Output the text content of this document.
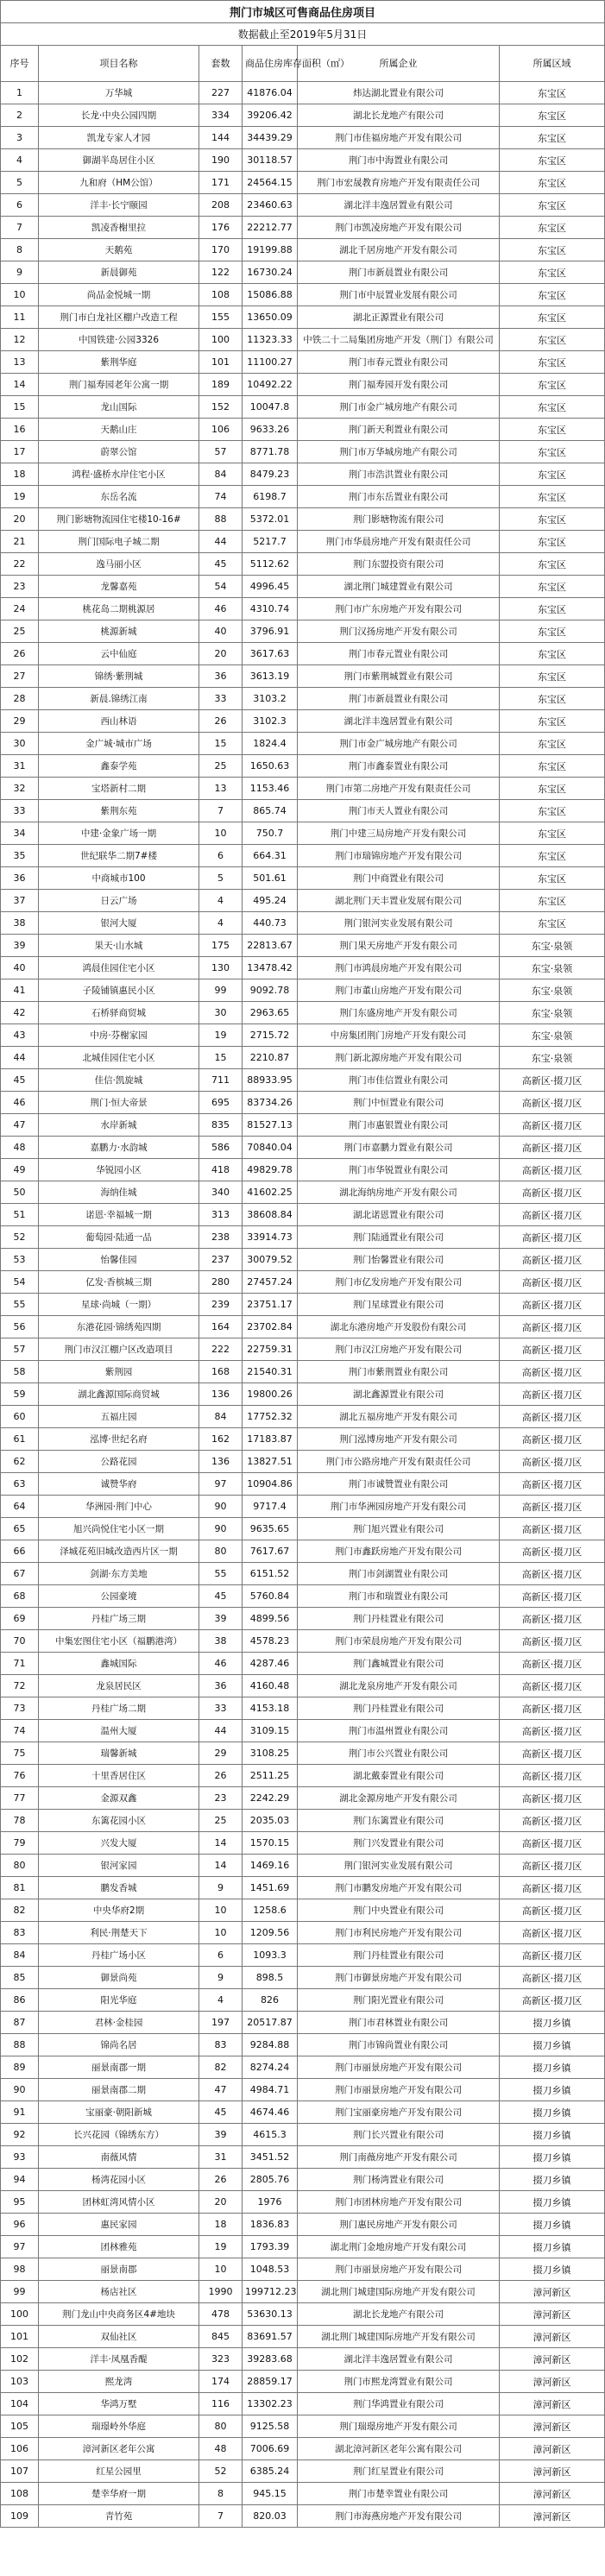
荆门市城区可售商品住房项目					
数据截止至2019年5月31日					
序号	项目名称	套数	商品住房库存面积（㎡）	所属企业	所属区域
1	万华城	227	41876.04	炜达湖北置业有限公司	东宝区
2	长龙·中央公园四期	334	39206.42	湖北长龙地产有限公司	东宝区
3	凯龙专家人才园	144	34439.29	荆门市佳福房地产开发有限公司	东宝区
4	御湖半岛居住小区	190	30118.57	荆门市中海置业有限公司	东宝区
5	九和府（HM公馆）	171	24564.15	荆门市宏晟教育房地产开发有限责任公司	东宝区
6	洋丰·长宁颐园	208	23460.63	湖北洋丰逸居置业有限公司	东宝区
7	凯凌香榭里拉	176	22212.77	荆门市凯凌房地产开发有限公司	东宝区
8	天鹅苑	170	19199.88	湖北千居房地产开发有限公司	东宝区
9	新晨御苑	122	16730.24	荆门市新晨置业有限公司	东宝区
10	尚品金悦城一期	108	15086.88	荆门市中辰置业发展有限公司	东宝区
11	荆门市白龙社区棚户改造工程	155	13650.09	湖北正源置业有限公司	东宝区
12	中国铁建·公园3326	100	11323.33	中铁二十二局集团房地产开发（荆门）有限公司	东宝区
13	紫荆华庭	101	11100.27	荆门市春元置业有限公司	东宝区
14	荆门福寿园老年公寓一期	189	10492.22	荆门福寿园开发有限公司	东宝区
15	龙山国际	152	10047.8	荆门市金广城房地产有限公司	东宝区
16	天鹅山庄	106	9633.26	荆门新天利置业有限公司	东宝区
17	蔚翠公馆	57	8771.78	荆门市万华城房地产有限公司	东宝区
18	鸿程·盛桥水岸住宅小区	84	8479.23	荆门市浩洪置业有限公司	东宝区
19	东岳名流	74	6198.7	荆门市东岳置业有限公司	东宝区
20	荆门影塘物流园住宅楼10-16#	88	5372.01	荆门影塘物流有限公司	东宝区
21	荆门国际电子城二期	44	5217.7	荆门市华晨房地产开发有限责任公司	东宝区
22	逸马丽小区	45	5112.62	荆门东盟投资有限公司	东宝区
23	龙馨嘉苑	54	4996.45	湖北荆门城建置业有限公司	东宝区
24	桃花岛二期桃源居	46	4310.74	荆门市广东房地产开发有限公司	东宝区
25	桃源新城	40	3796.91	荆门汉扬房地产开发有限公司	东宝区
26	云中仙庭	20	3617.63	荆门市春元置业有限公司	东宝区
27	锦绣·紫荆城	36	3613.19	荆门市紫荆城置业有限公司	东宝区
28	新晨.锦绣江南	33	3103.2	荆门市新晨置业有限公司	东宝区
29	西山林语	26	3102.3	湖北洋丰逸居置业有限公司	东宝区
30	金广城·城市广场	15	1824.4	荆门市金广城房地产有限公司	东宝区
31	鑫泰学苑	25	1650.63	荆门市鑫泰置业有限公司	东宝区
32	宝塔新村二期	13	1153.46	荆门市第二房地产开发有限责任公司	东宝区
33	紫荆东苑	7	865.74	荆门市天人置业有限公司	东宝区
34	中建·金象广场一期	10	750.7	荆门中建三局房地产开发有限公司	东宝区
35	世纪联华二期7#楼	6	664.31	荆门市瑞锦房地产开发有限公司	东宝区
36	中商城市100	5	501.61	荆门中商置业有限公司	东宝区
37	日云广场	4	495.24	湖北荆门天丰置业发展有限公司	东宝区
38	银河大厦	4	440.73	荆门银河实业发展有限公司	东宝区
39	果天·山水城	175	22813.67	荆门果天房地产开发有限公司	东宝·泉领
40	鸿晨佳园住宅小区	130	13478.42	荆门市鸿晨房地产开发有限公司	东宝·泉领
41	子陵铺镇惠民小区	99	9092.78	荆门市董山房地产开发有限公司	东宝·泉领
42	石桥驿商贸城	30	2963.65	荆门东盛房地产开发有限公司	东宝·泉领
43	中房·芬榭家园	19	2715.72	中房集团荆门房地产开发有限公司	东宝·泉领
44	北城佳园住宅小区	15	2210.87	荆门新北源房地产开发有限公司	东宝·泉领
45	佳信·凯旋城	711	88933.95	荆门市佳信置业有限公司	高新区·掇刀区
46	荆门·恒大帝景	695	83734.26	荆门中恒置业有限公司	高新区·掇刀区
47	水岸新城	835	81527.13	荆门市惠银置业有限公司	高新区·掇刀区
48	嘉鹏力·水韵城	586	70840.04	荆门市嘉鹏力置业有限公司	高新区·掇刀区
49	华锐园小区	418	49829.78	荆门市华锐置业有限公司	高新区·掇刀区
50	海纳佳城	340	41602.25	湖北海纳房地产开发有限公司	高新区·掇刀区
51	诺恩·幸福城一期	313	38608.84	湖北诺恩置业有限公司	高新区·掇刀区
52	葡萄园·陆通一品	238	33914.73	荆门陆通置业有限公司	高新区·掇刀区
53	怡馨佳园	237	30079.52	荆门怡馨置业有限公司	高新区·掇刀区
54	亿发·香槟城三期	280	27457.24	荆门市亿发房地产开发有限公司	高新区·掇刀区
55	星球·尚城（一期）	239	23751.17	荆门星球置业有限公司	高新区·掇刀区
56	东港花园·锦绣苑四期	164	23702.84	湖北东港房地产开发股份有限公司	高新区·掇刀区
57	荆门市汉江棚户区改造项目	222	22759.31	荆门市汉江房地产开发有限公司	高新区·掇刀区
58	紫荆园	168	21540.31	荆门市紫荆置业有限公司	高新区·掇刀区
59	湖北鑫源国际商贸城	136	19800.26	湖北鑫源置业有限公司	高新区·掇刀区
60	五福庄园	84	17752.32	湖北五福房地产开发有限公司	高新区·掇刀区
61	泓博·世纪名府	162	17183.87	荆门泓博房地产开发有限公司	高新区·掇刀区
62	公路花园	136	13827.51	荆门市公路房地产开发有限责任公司	高新区·掇刀区
63	诚赞华府	97	10904.86	荆门市诚赞置业有限公司	高新区·掇刀区
64	华洲园·荆门中心	90	9717.4	荆门市华洲园房地产开发有限公司	高新区·掇刀区
65	旭兴尚悦住宅小区一期	90	9635.65	荆门旭兴置业有限公司	高新区·掇刀区
66	泽城花苑旧城改造西片区一期	80	7617.67	荆门市鑫跃房地产开发有限公司	高新区·掇刀区
67	剑湖·东方美地	55	6151.52	荆门市剑湖置业有限公司	高新区·掇刀区
68	公园豪境	45	5760.84	荆门市和瑞置业有限公司	高新区·掇刀区
69	丹桂广场三期	39	4899.56	荆门丹桂置业有限公司	高新区·掇刀区
70	中集宏图住宅小区（福鹏港湾）	38	4578.23	荆门市荣晨房地产开发有限公司	高新区·掇刀区
71	鑫城国际	46	4287.46	荆门鑫城置业有限公司	高新区·掇刀区
72	龙泉居民区	36	4160.48	湖北龙泉房地产开发有限公司	高新区·掇刀区
73	丹桂广场二期	33	4153.18	荆门丹桂置业有限公司	高新区·掇刀区
74	温州大厦	44	3109.15	荆门市温州置业有限公司	高新区·掇刀区
75	瑞馨新城	29	3108.25	荆门市公兴置业有限公司	高新区·掇刀区
76	十里香居住区	26	2511.25	湖北戴泰置业有限公司	高新区·掇刀区
77	金源双鑫	23	2242.29	湖北金源房地产开发有限公司	高新区·掇刀区
78	东篱花园小区	25	2035.03	荆门东篱置业有限公司	高新区·掇刀区
79	兴发大厦	14	1570.15	荆门兴发置业有限公司	高新区·掇刀区
80	银河家园	14	1469.16	荆门银河实业发展有限公司	高新区·掇刀区
81	鹏发香城	9	1451.69	荆门市鹏发房地产开发有限公司	高新区·掇刀区
82	中央华府2期	10	1258.6	荆门中央置业有限公司	高新区·掇刀区
83	利民·荆楚天下	10	1209.56	荆门市利民房地产开发有限公司	高新区·掇刀区
84	丹桂广场小区	6	1093.3	荆门丹桂置业有限公司	高新区·掇刀区
85	御景尚苑	9	898.5	荆门市御景房地产开发有限公司	高新区·掇刀区
86	阳光华庭	4	826	荆门阳光置业有限公司	高新区·掇刀区
87	君林·金桂园	197	20517.87	荆门市君林置业有限公司	掇刀乡镇
88	锦尚名居	83	9284.88	荆门市锦尚置业有限公司	掇刀乡镇
89	丽景南郡一期	82	8274.24	荆门市丽景房地产开发有限公司	掇刀乡镇
90	丽景南郡二期	47	4984.71	荆门市丽景房地产开发有限公司	掇刀乡镇
91	宝丽豪·朝阳新城	45	4674.46	荆门宝丽豪房地产开发有限公司	掇刀乡镇
92	长兴花园（锦绣东方）	39	4615.3	荆门长兴置业有限公司	掇刀乡镇
93	南薇风情	31	3451.52	荆门南薇房地产开发有限公司	掇刀乡镇
94	杨湾花园小区	26	2805.76	荆门杨湾置业有限公司	掇刀乡镇
95	团林虹湾风情小区	20	1976	荆门市团林房地产开发有限公司	掇刀乡镇
96	惠民家园	18	1836.83	荆门惠民房地产开发有限公司	掇刀乡镇
97	团林雅苑	19	1793.39	湖北荆门金地房地产开发有限公司	掇刀乡镇
98	丽景南郡	10	1048.53	荆门市丽景房地产开发有限公司	掇刀乡镇
99	杨店社区	1990	199712.23	湖北荆门城建国际房地产开发有限公司	漳河新区
100	荆门龙山中央商务区4#地块	478	53630.13	湖北长龙地产有限公司	漳河新区
101	双仙社区	845	83691.57	湖北荆门城建国际房地产开发有限公司	漳河新区
102	洋丰·凤凰香醍	323	39283.68	湖北洋丰逸居置业有限公司	漳河新区
103	熙龙湾	174	28859.17	荆门市熙龙湾置业有限公司	漳河新区
104	华鸿万墅	116	13302.23	荆门华鸿置业有限公司	漳河新区
105	瑞璟岭外华庭	80	9125.58	荆门瑞璟房地产开发有限公司	漳河新区
106	漳河新区老年公寓	48	7006.69	湖北漳河新区老年公寓有限公司	漳河新区
107	红星公园里	52	6385.24	荆门红星置业有限公司	漳河新区
108	楚幸华府一期	8	945.15	荆门市楚幸置业有限公司	漳河新区
109	青竹苑	7	820.03	荆门市海燕房地产开发有限公司	漳河新区
